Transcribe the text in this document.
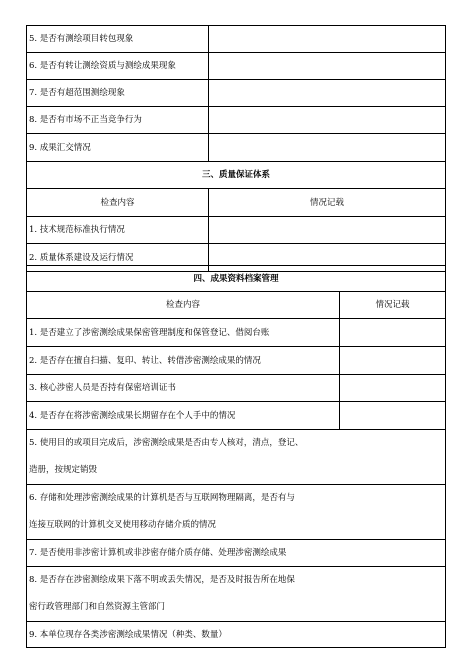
5. 是否有测绘项目转包现象	

6. 是否有转让测绘资质与测绘成果现象	

7. 是否有超范围测绘现象	

8. 是否有市场不正当竞争行为	

9. 成果汇交情况	

三、质量保证体系	
检查内容	情况记载

1. 技术规范标准执行情况	

2. 质量体系建设及运行情况	

四、成果资料档案管理	
检查内容	情况记载

1. 是否建立了涉密测绘成果保密管理制度和保管登记、借阅台账	

2. 是否存在擅自扫描、复印、转让、转借涉密测绘成果的情况	

3. 核心涉密人员是否持有保密培训证书	

4. 是否存在将涉密测绘成果长期留存在个人手中的情况	

5. 使用目的或项目完成后，涉密测绘成果是否由专人核对，清点，登记、
造册，按规定销毁	

6. 存储和处理涉密测绘成果的计算机是否与互联网物理隔离，是否有与
连接互联网的计算机交叉使用移动存储介质的情况	

7. 是否使用非涉密计算机或非涉密存储介质存储、处理涉密测绘成果	

8. 是否存在涉密测绘成果下落不明或丢失情况，是否及时报告所在地保
密行政管理部门和自然资源主管部门	

9. 本单位现存各类涉密测绘成果情况（种类、数量）	
